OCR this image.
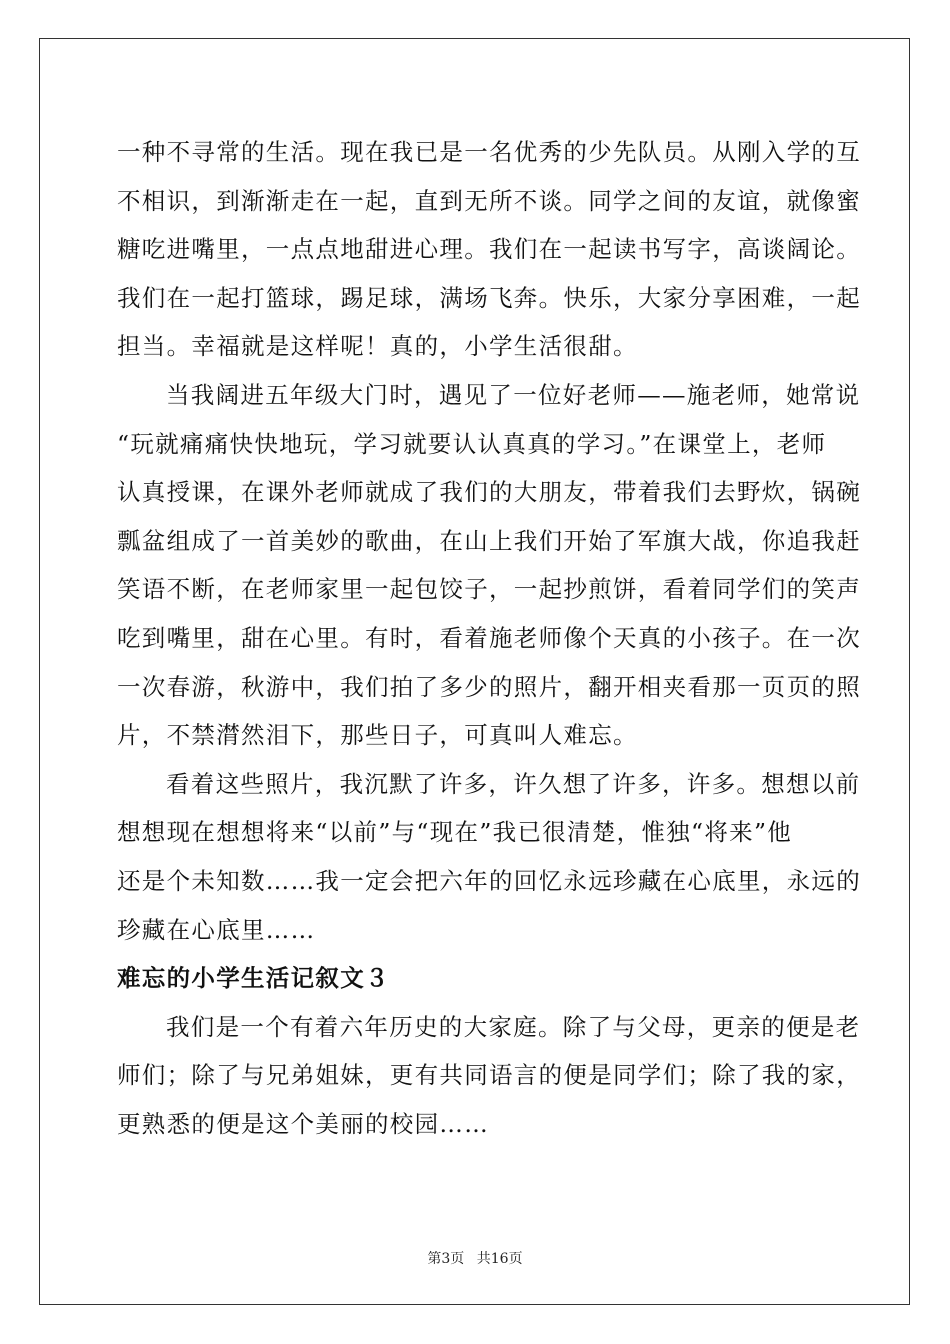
一种不寻常的生活。现在我已是一名优秀的少先队员。从刚入学的互
不相识，到渐渐走在一起，直到无所不谈。同学之间的友谊，就像蜜
糖吃进嘴里，一点点地甜进心理。我们在一起读书写字，高谈阔论。
我们在一起打篮球，踢足球，满场飞奔。快乐，大家分享困难，一起
担当。幸福就是这样呢！真的，小学生活很甜。

当我阔进五年级大门时，遇见了一位好老师——施老师，她常说
“玩就痛痛快快地玩，学习就要认认真真的学习。”在课堂上，老师
认真授课，在课外老师就成了我们的大朋友，带着我们去野炊，锅碗
瓢盆组成了一首美妙的歌曲，在山上我们开始了军旗大战，你追我赶
笑语不断，在老师家里一起包饺子，一起抄煎饼，看着同学们的笑声
吃到嘴里，甜在心里。有时，看着施老师像个天真的小孩子。在一次
一次春游，秋游中，我们拍了多少的照片，翻开相夹看那一页页的照
片，不禁潸然泪下，那些日子，可真叫人难忘。

看着这些照片，我沉默了许多，许久想了许多，许多。想想以前
想想现在想想将来“以前”与“现在”我已很清楚，惟独“将来”他
还是个未知数……我一定会把六年的回忆永远珍藏在心底里，永远的
珍藏在心底里……

难忘的小学生活记叙文３

我们是一个有着六年历史的大家庭。除了与父母，更亲的便是老
师们；除了与兄弟姐妹，更有共同语言的便是同学们；除了我的家，
更熟悉的便是这个美丽的校园……

第3页 共16页
